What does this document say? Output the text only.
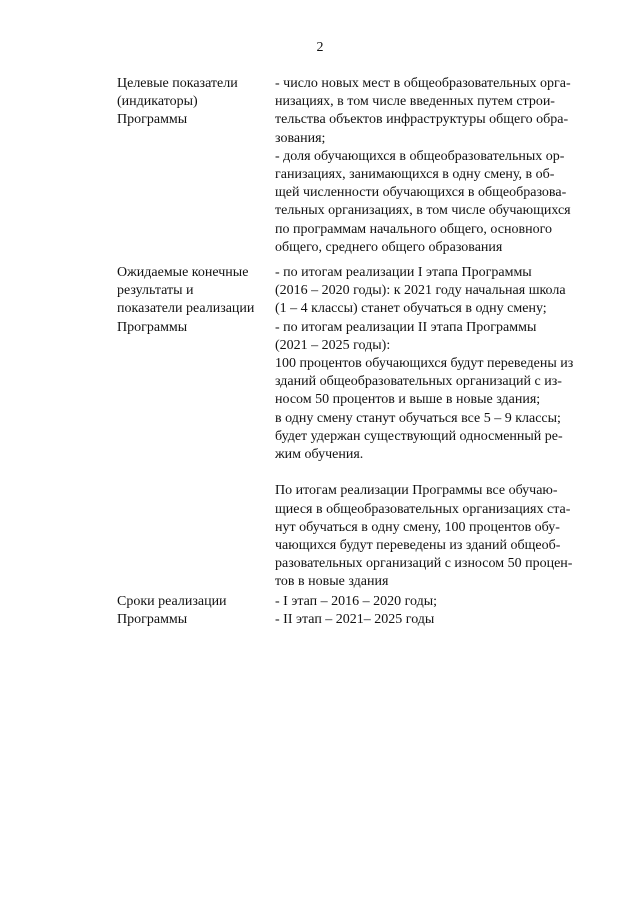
2
Целевые показатели
(индикаторы)
Программы
- число новых мест в общеобразовательных орга-
низациях, в том числе введенных путем строи-
тельства объектов инфраструктуры общего обра-
зования;
- доля обучающихся в общеобразовательных ор-
ганизациях, занимающихся в одну смену, в об-
щей численности обучающихся в общеобразова-
тельных организациях, в том числе обучающихся
по программам начального общего, основного
общего, среднего общего образования
Ожидаемые конечные
результаты и
показатели реализации
Программы
- по итогам реализации I этапа Программы
(2016 – 2020 годы): к 2021 году начальная школа
(1 – 4 классы) станет обучаться в одну смену;
- по итогам реализации II этапа Программы
(2021 – 2025 годы):
100 процентов обучающихся будут переведены из
зданий общеобразовательных организаций с из-
носом 50 процентов и выше в новые здания;
в одну смену станут обучаться все 5 – 9 классы;
будет удержан существующий односменный ре-
жим обучения.
По итогам реализации Программы все обучаю-
щиеся в общеобразовательных организациях ста-
нут обучаться в одну смену, 100 процентов обу-
чающихся будут переведены из зданий общеоб-
разовательных организаций с износом 50 процен-
тов в новые здания
Сроки реализации
Программы
- I этап – 2016 – 2020 годы;
- II этап – 2021– 2025 годы
